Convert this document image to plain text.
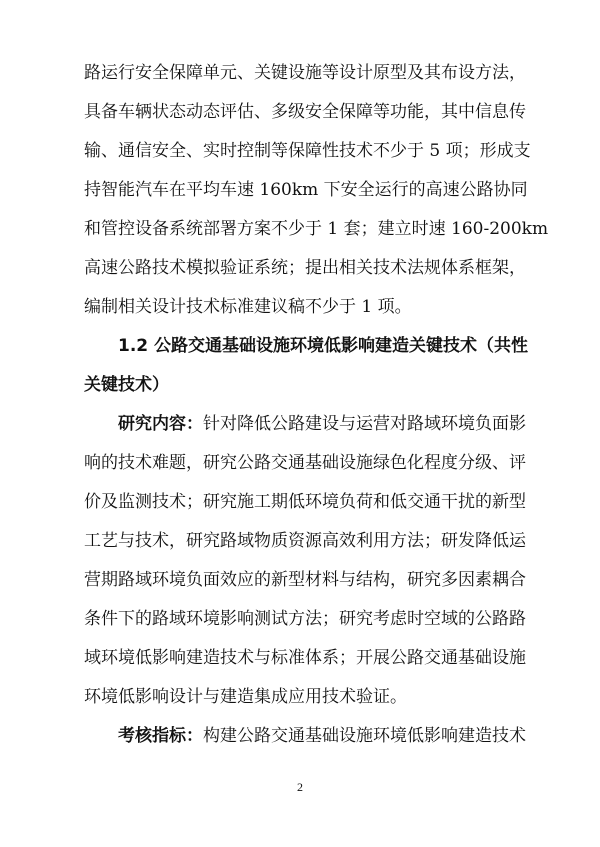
路运行安全保障单元、关键设施等设计原型及其布设方法，
具备车辆状态动态评估、多级安全保障等功能，其中信息传
输、通信安全、实时控制等保障性技术不少于 5 项；形成支
持智能汽车在平均车速 160km 下安全运行的高速公路协同
和管控设备系统部署方案不少于 1 套；建立时速 160-200km
高速公路技术模拟验证系统；提出相关技术法规体系框架，
编制相关设计技术标准建议稿不少于 1 项。
1.2 公路交通基础设施环境低影响建造关键技术（共性
关键技术）
研究内容：针对降低公路建设与运营对路域环境负面影
响的技术难题，研究公路交通基础设施绿色化程度分级、评
价及监测技术；研究施工期低环境负荷和低交通干扰的新型
工艺与技术，研究路域物质资源高效利用方法；研发降低运
营期路域环境负面效应的新型材料与结构，研究多因素耦合
条件下的路域环境影响测试方法；研究考虑时空域的公路路
域环境低影响建造技术与标准体系；开展公路交通基础设施
环境低影响设计与建造集成应用技术验证。
考核指标：构建公路交通基础设施环境低影响建造技术
2
